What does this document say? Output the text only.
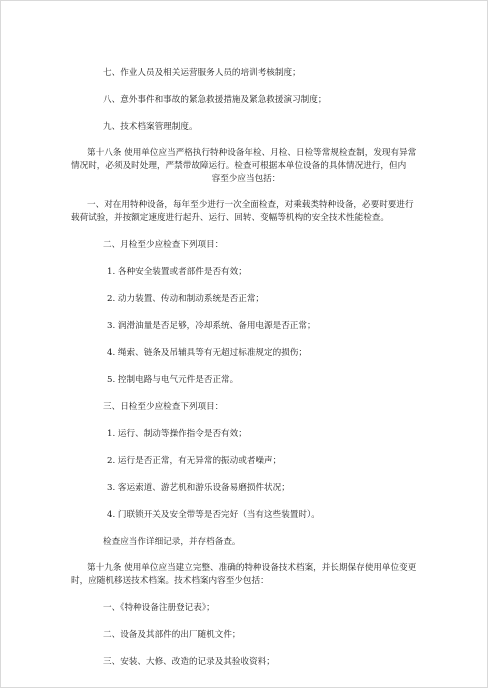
七、作业人员及相关运营服务人员的培训考核制度；

八、意外事件和事故的紧急救援措施及紧急救援演习制度；

九、技术档案管理制度。

第十八条 使用单位应当严格执行特种设备年检、月检、日检等常规检查制，发现有异常情况时，必须及时处理，严禁带故障运行。检查可根据本单位设备的具体情况进行，但内

容至少应当包括：

一、对在用特种设备，每年至少进行一次全面检查，对乘载类特种设备，必要时要进行载荷试验，并按额定速度进行起升、运行、回转、变幅等机构的安全技术性能检查。

二、月检至少应检查下列项目：

1. 各种安全装置或者部件是否有效；

2. 动力装置、传动和制动系统是否正常；

3. 润滑油量是否足够，冷却系统、备用电源是否正常；

4. 绳索、链条及吊辅具等有无超过标准规定的损伤；

5. 控制电路与电气元件是否正常。

三、日检至少应检查下列项目：

1. 运行、制动等操作指令是否有效；

2. 运行是否正常，有无异常的振动或者噪声；

3. 客运索道、游艺机和游乐设备易磨损件状况；

4. 门联锁开关及安全带等是否完好（当有这些装置时）。

检查应当作详细记录，并存档备查。

第十九条 使用单位应当建立完整、准确的特种设备技术档案，并长期保存使用单位变更时，应随机移送技术档案。技术档案内容至少包括：

一、《特种设备注册登记表》；

二、设备及其部件的出厂随机文件；

三、安装、大修、改造的记录及其验收资料；
